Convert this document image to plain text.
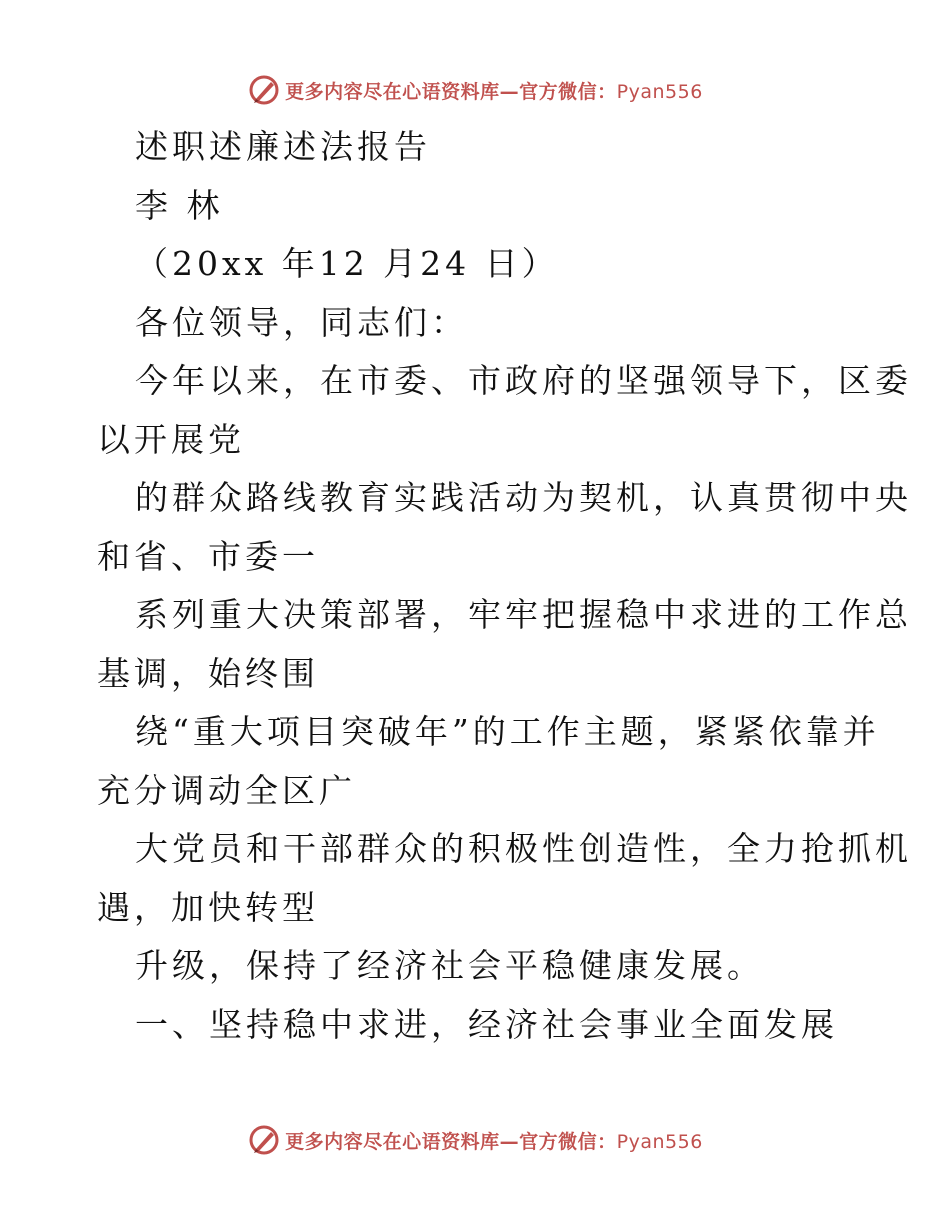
更多内容尽在心语资料库—官方微信：Pyan556
述职述廉述法报告
李 林
（20xx 年12 月24 日）
各位领导，同志们：
今年以来，在市委、市政府的坚强领导下，区委
以开展党
的群众路线教育实践活动为契机，认真贯彻中央
和省、市委一
系列重大决策部署，牢牢把握稳中求进的工作总
基调，始终围
绕“重大项目突破年”的工作主题，紧紧依靠并
充分调动全区广
大党员和干部群众的积极性创造性，全力抢抓机
遇，加快转型
升级，保持了经济社会平稳健康发展。
一、坚持稳中求进，经济社会事业全面发展
更多内容尽在心语资料库—官方微信：Pyan556
